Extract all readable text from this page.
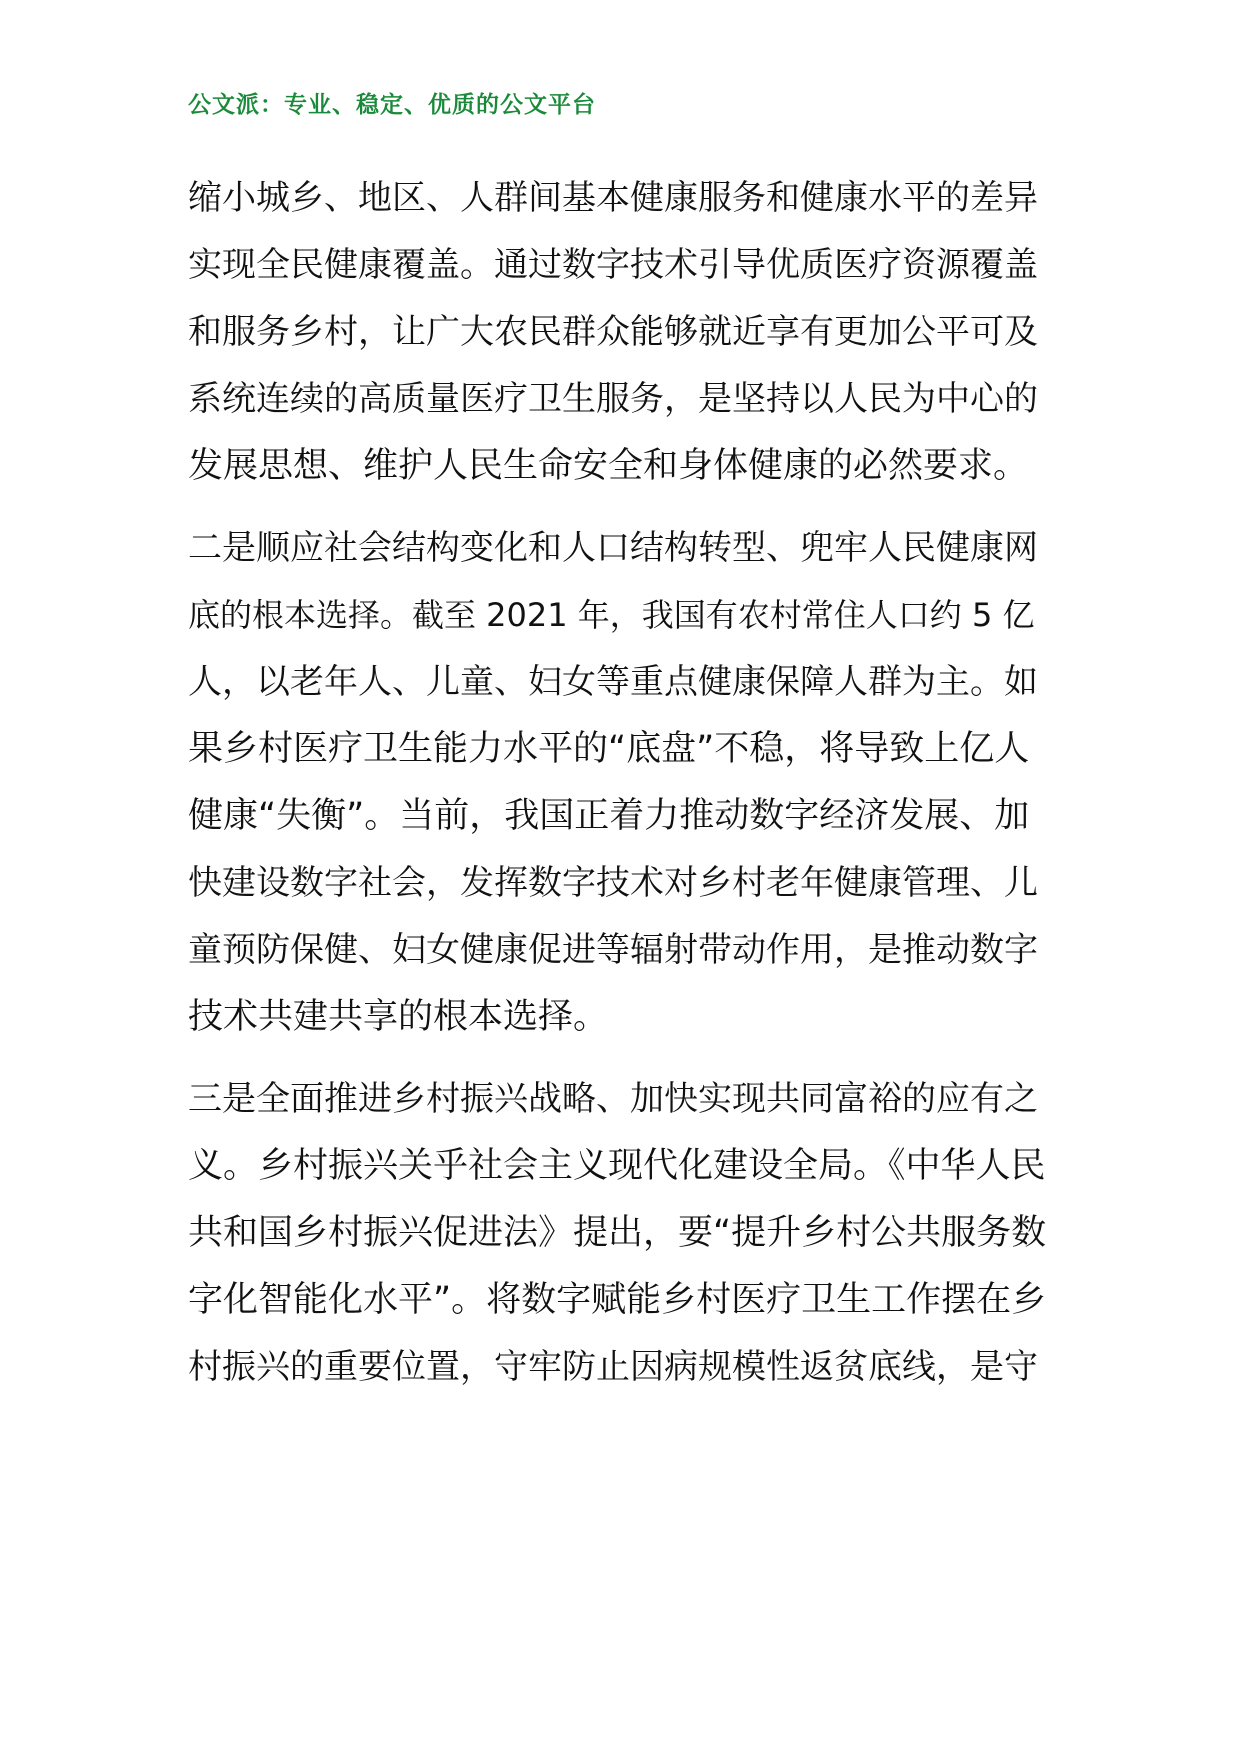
公文派：专业、稳定、优质的公文平台
缩小城乡、地区、人群间基本健康服务和健康水平的差异
实现全民健康覆盖。通过数字技术引导优质医疗资源覆盖
和服务乡村，让广大农民群众能够就近享有更加公平可及
系统连续的高质量医疗卫生服务，是坚持以人民为中心的
发展思想、维护人民生命安全和身体健康的必然要求。
二是顺应社会结构变化和人口结构转型、兜牢人民健康网
底的根本选择。截至 2021 年，我国有农村常住人口约 5 亿
人，以老年人、儿童、妇女等重点健康保障人群为主。如
果乡村医疗卫生能力水平的“底盘”不稳，将导致上亿人
健康“失衡”。当前，我国正着力推动数字经济发展、加
快建设数字社会，发挥数字技术对乡村老年健康管理、儿
童预防保健、妇女健康促进等辐射带动作用，是推动数字
技术共建共享的根本选择。
三是全面推进乡村振兴战略、加快实现共同富裕的应有之
义。乡村振兴关乎社会主义现代化建设全局。《中华人民
共和国乡村振兴促进法》提出，要“提升乡村公共服务数
字化智能化水平”。将数字赋能乡村医疗卫生工作摆在乡
村振兴的重要位置，守牢防止因病规模性返贫底线，是守
